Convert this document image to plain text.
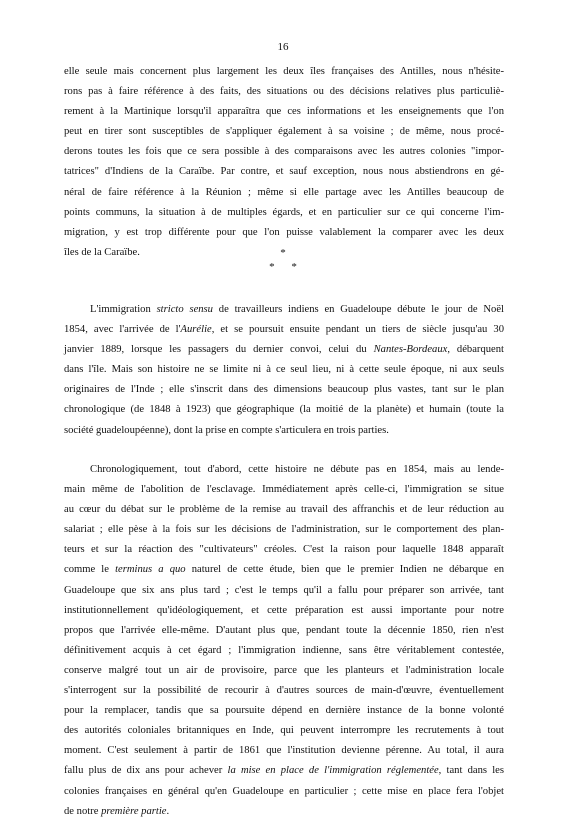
16
elle seule mais concernent plus largement les deux îles françaises des Antilles, nous n'hésite-
rons pas à faire référence à des faits, des situations ou des décisions relatives plus particuliè-
rement à la Martinique lorsqu'il apparaîtra que ces informations et les enseignements que l'on
peut en tirer sont susceptibles de s'appliquer également à sa voisine ; de même, nous procé-
derons toutes les fois que ce sera possible à des comparaisons avec les autres colonies "impor-
tatrices" d'Indiens de la Caraïbe. Par contre, et sauf exception, nous nous abstiendrons en gé-
néral de faire référence à la Réunion ; même si elle partage avec les Antilles beaucoup de
points communs, la situation à de multiples égards, et en particulier sur ce qui concerne l'im-
migration, y est trop différente pour que l'on puisse valablement la comparer avec les deux
îles de la Caraïbe.	*
* *
L'immigration stricto sensu de travailleurs indiens en Guadeloupe débute le jour de Noël
1854, avec l'arrivée de l'Aurélie, et se poursuit ensuite pendant un tiers de siècle jusqu'au 30
janvier 1889, lorsque les passagers du dernier convoi, celui du Nantes-Bordeaux, débarquent
dans l'île. Mais son histoire ne se limite ni à ce seul lieu, ni à cette seule époque, ni aux seuls
originaires de l'Inde ; elle s'inscrit dans des dimensions beaucoup plus vastes, tant sur le plan
chronologique (de 1848 à 1923) que géographique (la moitié de la planète) et humain (toute la
société guadeloupéenne), dont la prise en compte s'articulera en trois parties.
Chronologiquement, tout d'abord, cette histoire ne débute pas en 1854, mais au lende-
main même de l'abolition de l'esclavage. Immédiatement après celle-ci, l'immigration se situe
au cœur du débat sur le problème de la remise au travail des affranchis et de leur réduction au
salariat ; elle pèse à la fois sur les décisions de l'administration, sur le comportement des plan-
teurs et sur la réaction des "cultivateurs" créoles. C'est la raison pour laquelle 1848 apparaît
comme le terminus a quo naturel de cette étude, bien que le premier Indien ne débarque en
Guadeloupe que six ans plus tard ; c'est le temps qu'il a fallu pour préparer son arrivée, tant
institutionnellement qu'idéologiquement, et cette préparation est aussi importante pour notre
propos que l'arrivée elle-même. D'autant plus que, pendant toute la décennie 1850, rien n'est
définitivement acquis à cet égard ; l'immigration indienne, sans être véritablement contestée,
conserve malgré tout un air de provisoire, parce que les planteurs et l'administration locale
s'interrogent sur la possibilité de recourir à d'autres sources de main-d'œuvre, éventuellement
pour la remplacer, tandis que sa poursuite dépend en dernière instance de la bonne volonté
des autorités coloniales britanniques en Inde, qui peuvent interrompre les recrutements à tout
moment. C'est seulement à partir de 1861 que l'institution devienne pérenne. Au total, il aura
fallu plus de dix ans pour achever la mise en place de l'immigration réglementée, tant dans les
colonies françaises en général qu'en Guadeloupe en particulier ; cette mise en place fera l'objet
de notre première partie.
